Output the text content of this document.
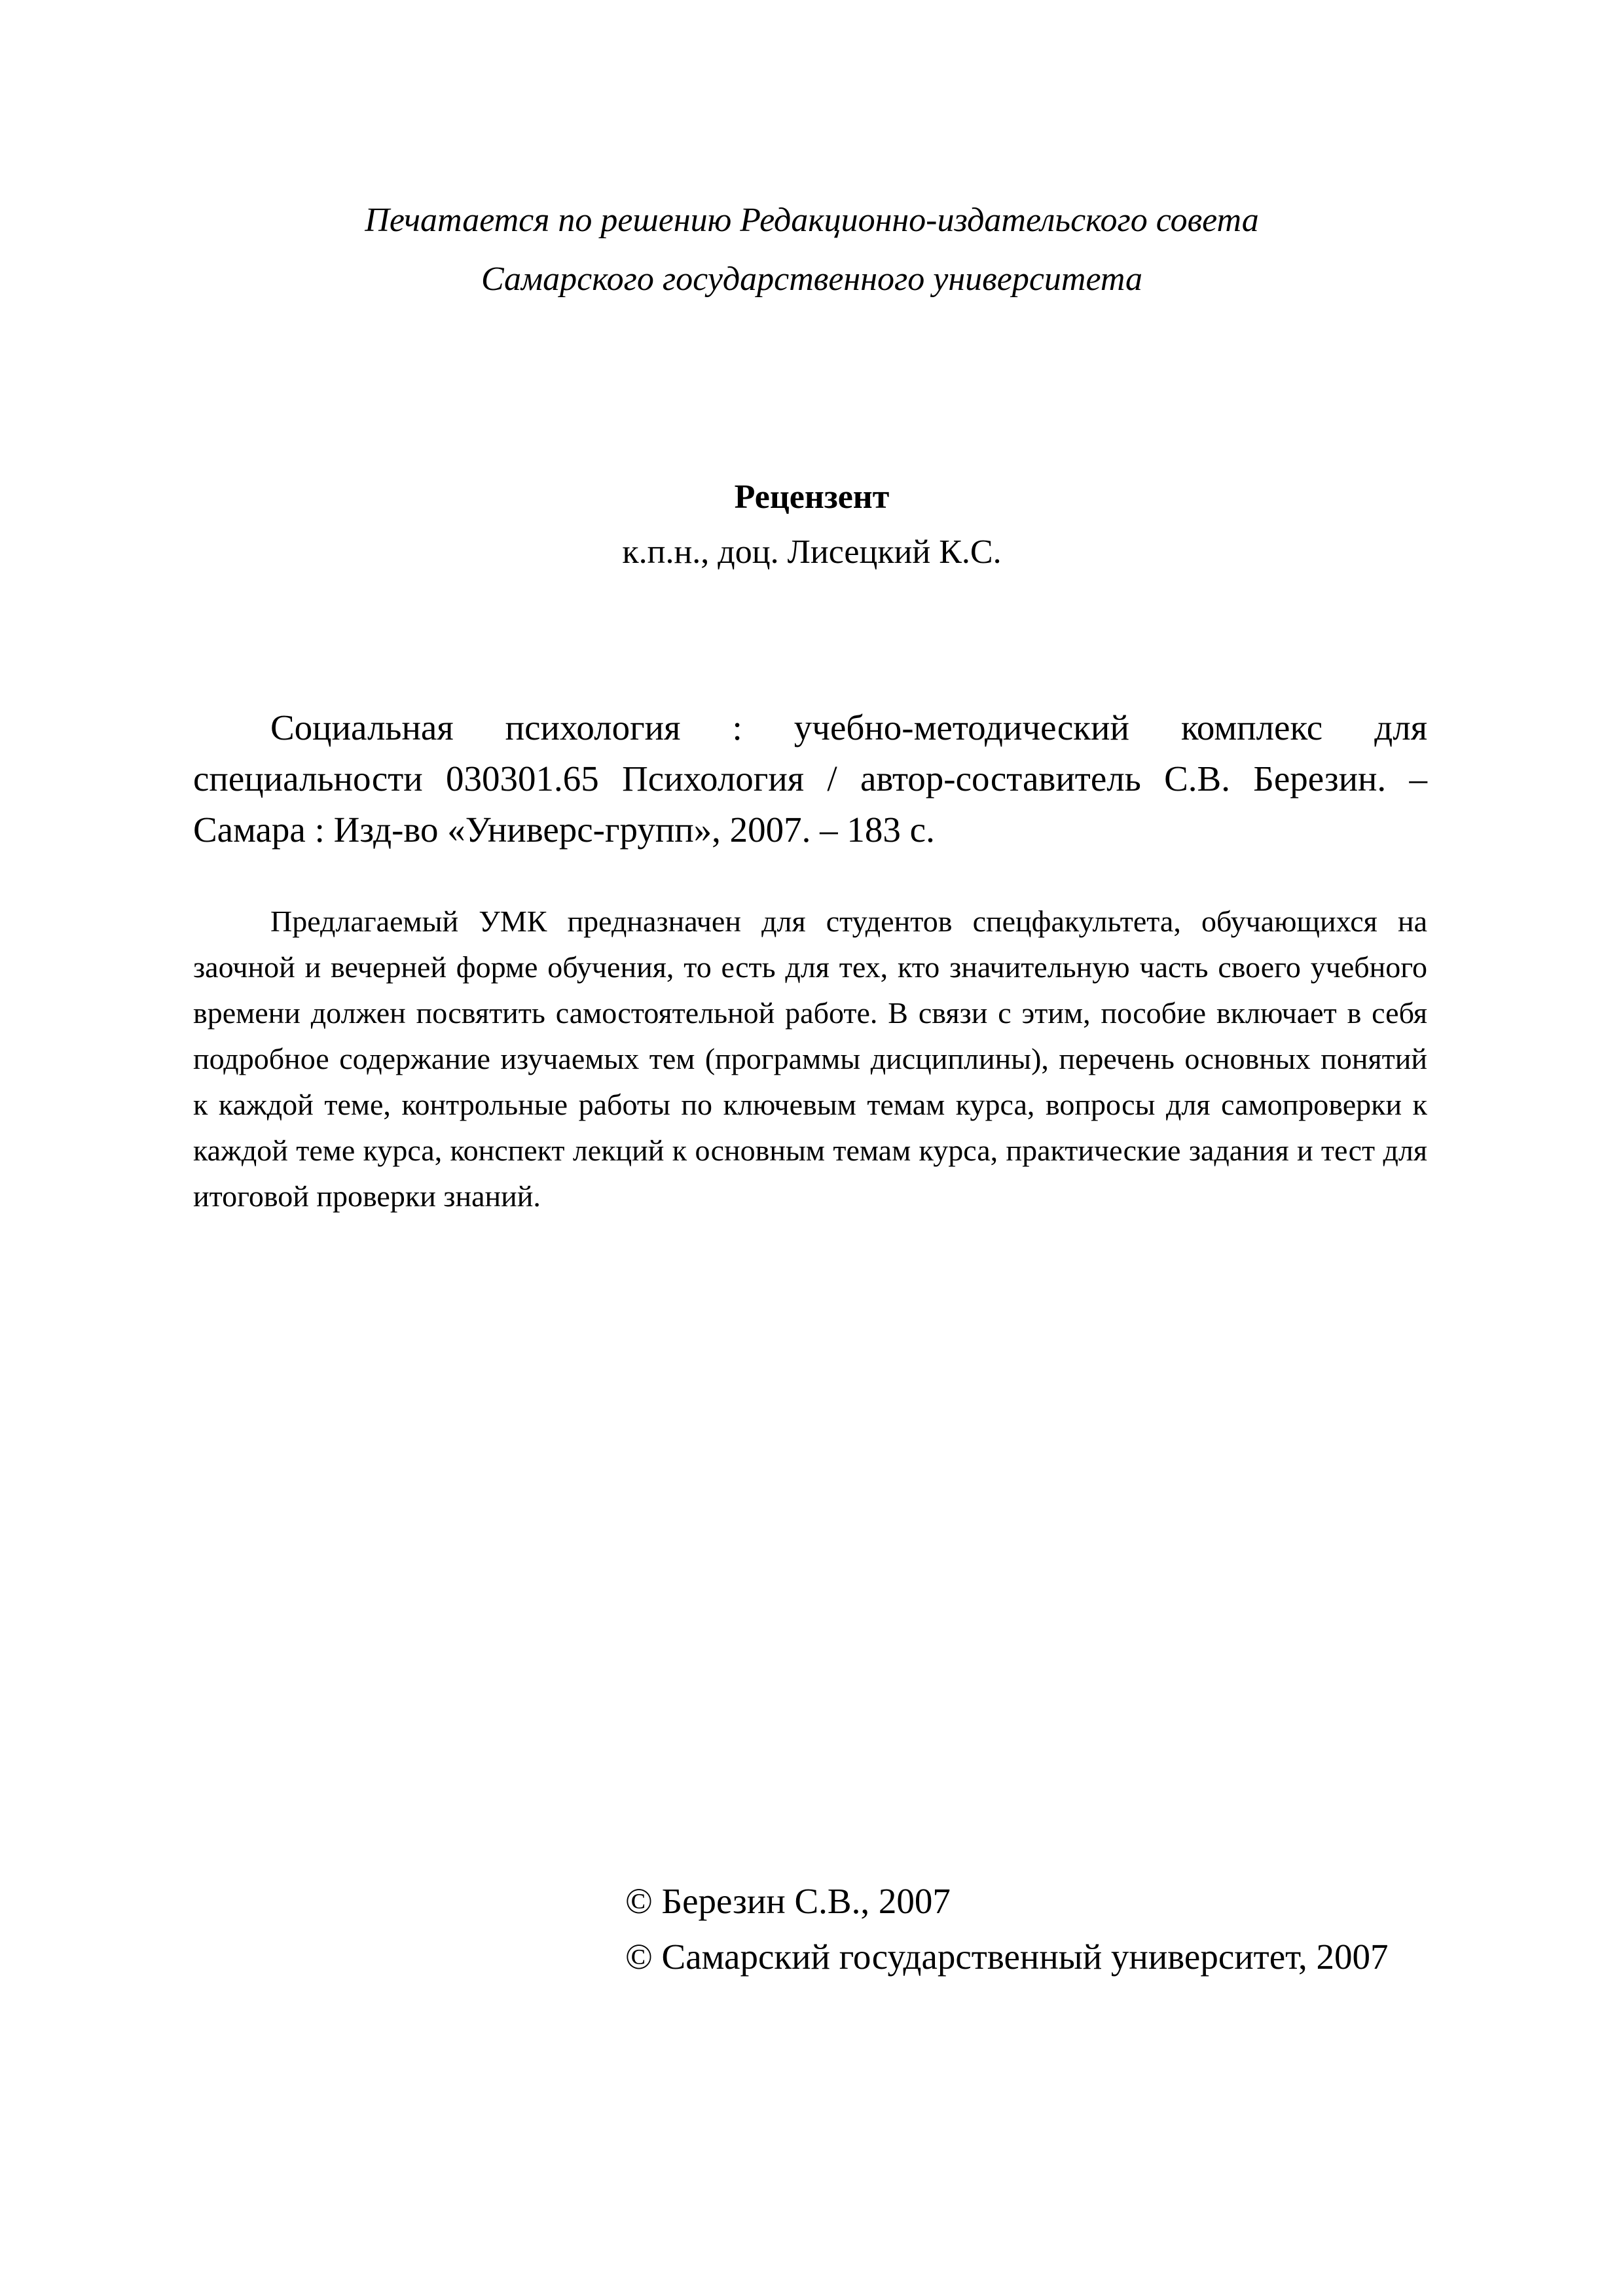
Печатается по решению Редакционно-издательского совета
Самарского государственного университета
Рецензент
к.п.н., доц. Лисецкий К.С.

Социальная психология : учебно-методический комплекс для специальности 030301.65 Психология / автор-составитель С.В. Березин. – Самара : Изд-во «Универс-групп», 2007. – 183 с.

Предлагаемый УМК предназначен для студентов спецфакультета, обучающихся на заочной и вечерней форме обучения, то есть для тех, кто значительную часть своего учебного времени должен посвятить самостоятельной работе. В связи с этим, пособие включает в себя подробное содержание изучаемых тем (программы дисциплины), перечень основных понятий к каждой теме, контрольные работы по ключевым темам курса, вопросы для самопроверки к каждой теме курса, конспект лекций к основным темам курса, практические задания и тест для итоговой проверки знаний.

© Березин С.В., 2007
© Самарский государственный университет, 2007
